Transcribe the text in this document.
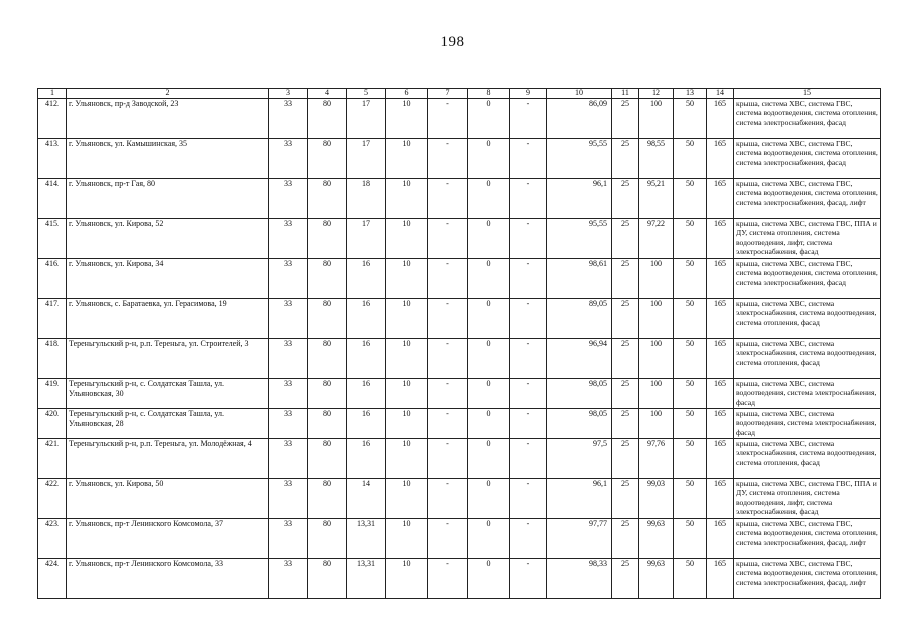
198
1	2	3	4	5	6	7	8	9	10	11	12	13	14	15
412.	г. Ульяновск, пр-д Заводской, 23	33	80	17	10	-	0	-	86,09	25	100	50	165	крыша, система ХВС, система ГВС, система водоотведения, система отопления, система электроснабжения, фасад
413.	г. Ульяновск, ул. Камышинская, 35	33	80	17	10	-	0	-	95,55	25	98,55	50	165	крыша, система ХВС, система ГВС, система водоотведения, система отопления, система электроснабжения, фасад
414.	г. Ульяновск, пр-т Гая, 80	33	80	18	10	-	0	-	96,1	25	95,21	50	165	крыша, система ХВС, система ГВС, система водоотведения, система отопления, система электроснабжения, фасад, лифт
415.	г. Ульяновск, ул. Кирова, 52	33	80	17	10	-	0	-	95,55	25	97,22	50	165	крыша, система ХВС, система ГВС, ППА и ДУ, система отопления, система водоотведения, лифт, система электроснабжения, фасад
416.	г. Ульяновск, ул. Кирова, 34	33	80	16	10	-	0	-	98,61	25	100	50	165	крыша, система ХВС, система ГВС, система водоотведения, система отопления, система электроснабжения, фасад
417.	г. Ульяновск, с. Баратаевка, ул. Герасимова, 19	33	80	16	10	-	0	-	89,05	25	100	50	165	крыша, система ХВС, система электроснабжения, система водоотведения, система отопления, фасад
418.	Тереньгульский р-н, р.п. Тереньга, ул. Строителей, 3	33	80	16	10	-	0	-	96,94	25	100	50	165	крыша, система ХВС, система электроснабжения, система водоотведения, система отопления, фасад
419.	Тереньгульский р-н, с. Солдатская Ташла, ул. Ульяновская, 30	33	80	16	10	-	0	-	98,05	25	100	50	165	крыша, система ХВС, система водоотведения, система электроснабжения, фасад
420.	Тереньгульский р-н, с. Солдатская Ташла, ул. Ульяновская, 28	33	80	16	10	-	0	-	98,05	25	100	50	165	крыша, система ХВС, система водоотведения, система электроснабжения, фасад
421.	Тереньгульский р-н, р.п. Тереньга, ул. Молодёжная, 4	33	80	16	10	-	0	-	97,5	25	97,76	50	165	крыша, система ХВС, система электроснабжения, система водоотведения, система отопления, фасад
422.	г. Ульяновск, ул. Кирова, 50	33	80	14	10	-	0	-	96,1	25	99,03	50	165	крыша, система ХВС, система ГВС, ППА и ДУ, система отопления, система водоотведения, лифт, система электроснабжения, фасад
423.	г. Ульяновск, пр-т Ленинского Комсомола, 37	33	80	13,31	10	-	0	-	97,77	25	99,63	50	165	крыша, система ХВС, система ГВС, система водоотведения, система отопления, система электроснабжения, фасад, лифт
424.	г. Ульяновск, пр-т Ленинского Комсомола, 33	33	80	13,31	10	-	0	-	98,33	25	99,63	50	165	крыша, система ХВС, система ГВС, система водоотведения, система отопления, система электроснабжения, фасад, лифт
